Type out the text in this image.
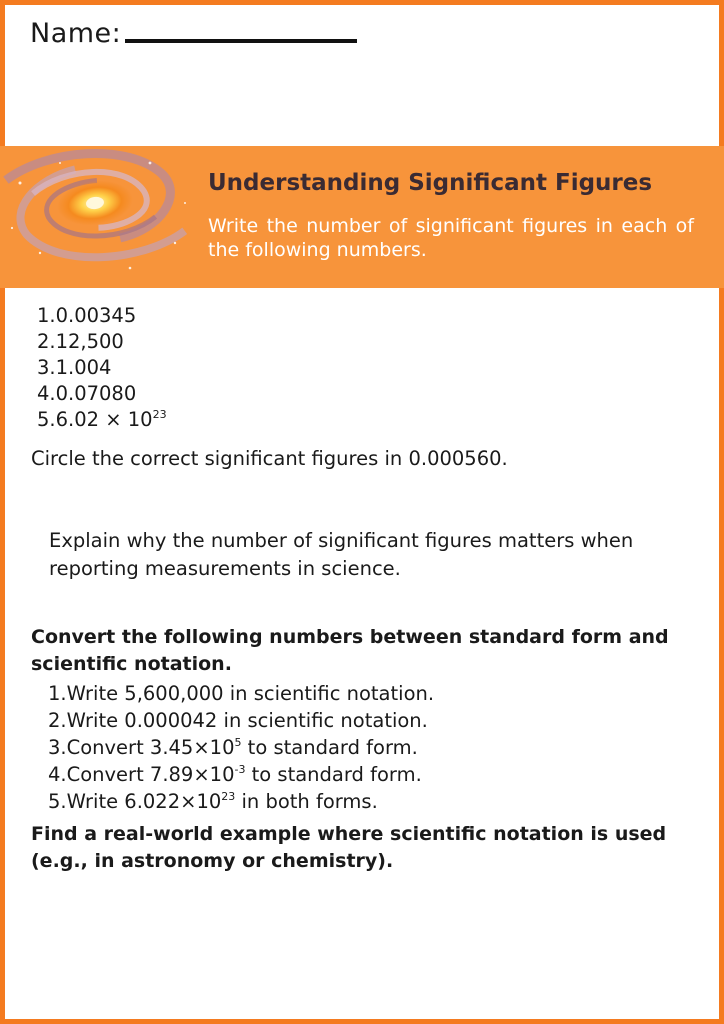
Name:
Understanding Significant Figures
Write the number of significant figures in each of the following numbers.
1.0.00345
2.12,500
3.1.004
4.0.07080
$5.6.02 \times 10^{23}$
Circle the correct significant figures in 0.000560.
Explain why the number of significant figures matters when reporting measurements in science.
Convert the following numbers between standard form and scientific notation.
1.Write 5,600,000 in scientific notation.
2.Write 0.000042 in scientific notation.
3.Convert $3.45\times 10^5$ to standard form.
4.Convert $7.89\times 10^{-3}$ to standard form.
5.Write $6.022\times 10^{23}$ in both forms.
Find a real-world example where scientific notation is used (e.g., in astronomy or chemistry).
